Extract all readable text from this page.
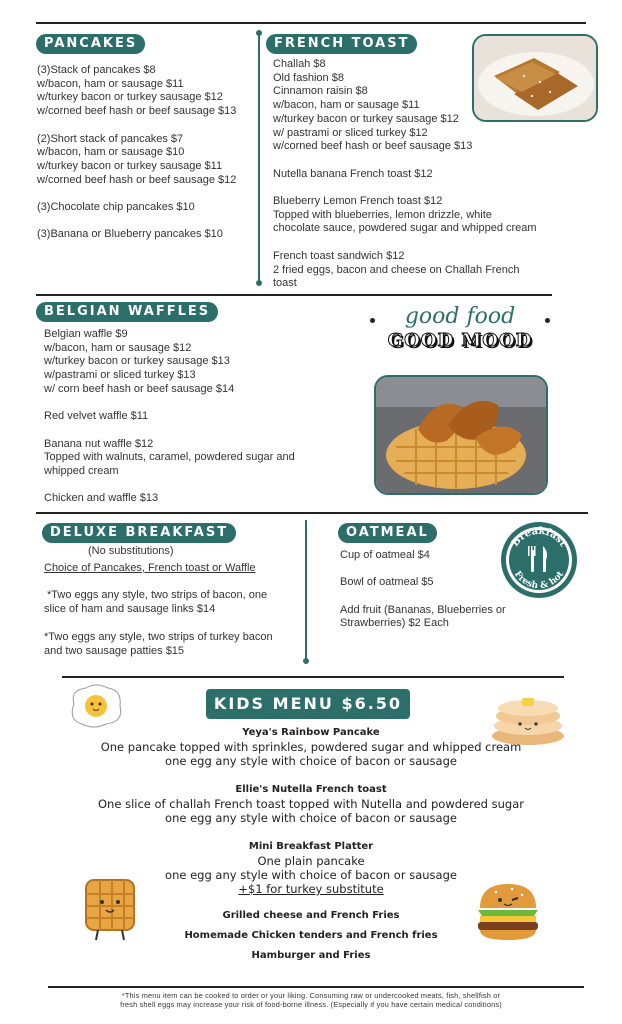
PANCAKES
(3)Stack of pancakes $8
w/bacon, ham or sausage $11
w/turkey bacon or turkey sausage $12
w/corned beef hash or beef sausage $13
(2)Short stack of pancakes $7
w/bacon, ham or sausage $10
w/turkey bacon or turkey sausage $11
w/corned beef hash or beef sausage $12
(3)Chocolate chip pancakes $10
(3)Banana or Blueberry pancakes $10
FRENCH TOAST
Challah $8
Old fashion $8
Cinnamon raisin $8
w/bacon, ham or sausage $11
w/turkey bacon or turkey sausage $12
w/ pastrami or sliced turkey $12
w/corned beef hash or beef sausage $13
Nutella banana French toast $12
Blueberry Lemon French toast $12
Topped with blueberries, lemon drizzle, white
chocolate sauce, powdered sugar and whipped cream
French toast sandwich $12
2 fried eggs, bacon and cheese on Challah French
toast
BELGIAN WAFFLES
Belgian waffle $9
w/bacon, ham or sausage $12
w/turkey bacon or turkey sausage $13
w/pastrami or sliced turkey $13
w/ corn beef hash or beef sausage $14
Red velvet waffle $11
Banana nut waffle $12
Topped with walnuts, caramel, powdered sugar and
whipped cream
Chicken and waffle $13
good food
GOOD MOOD
DELUXE BREAKFAST
(No substitutions)
Choice of Pancakes, French toast or Waffle
*Two eggs any style, two strips of bacon, one
slice of ham and sausage links $14
*Two eggs any style, two strips of turkey bacon
and two sausage patties $15
OATMEAL
Cup of oatmeal $4
Bowl of oatmeal $5
Add fruit (Bananas, Blueberries or
Strawberries) $2 Each
Breakfast
Fresh & hot
KIDS MENU $6.50
Yeya's Rainbow Pancake
One pancake topped with sprinkles, powdered sugar and whipped cream
one egg any style with choice of bacon or sausage
Ellie's Nutella French toast
One slice of challah French toast topped with Nutella and powdered sugar
one egg any style with choice of bacon or sausage
Mini Breakfast Platter
One plain pancake
one egg any style with choice of bacon or sausage
+$1 for turkey substitute
Grilled cheese and French Fries
Homemade Chicken tenders and French fries
Hamburger and Fries
*This menu item can be cooked to order or your liking. Consuming raw or undercooked meats, fish, shellfish or
fresh shell eggs may increase your risk of food-borne illness. (Especially if you have certain medical conditions)
